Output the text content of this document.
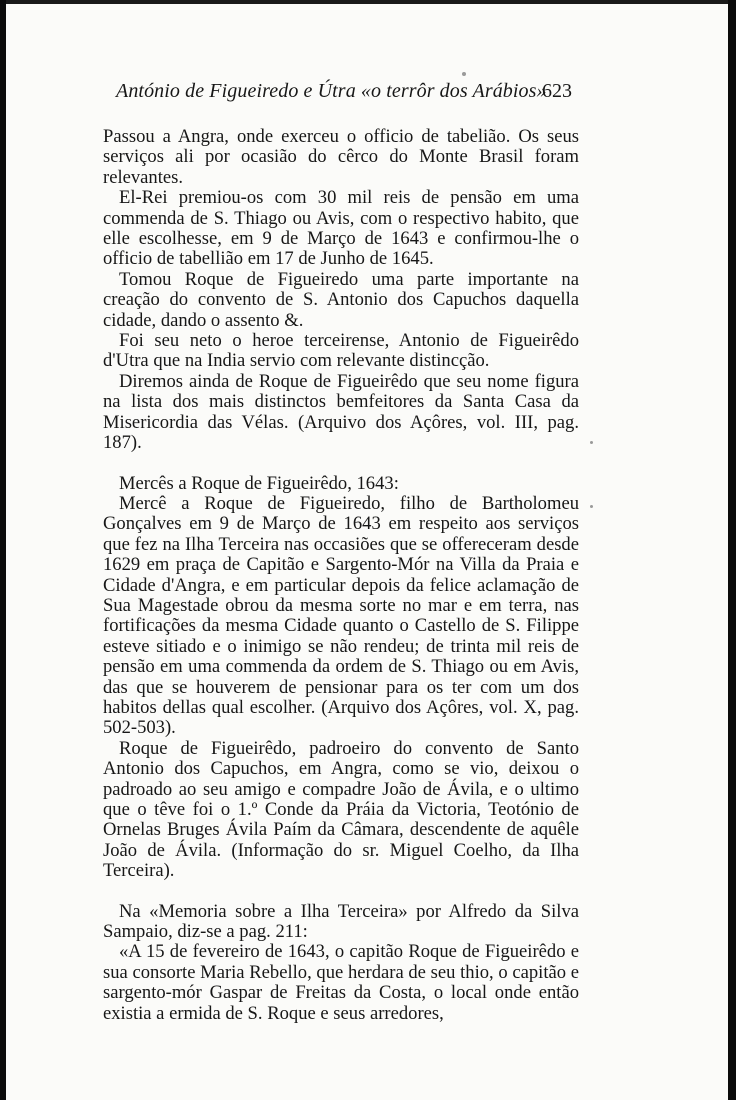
António de Figueiredo e Útra «o terrôr dos Arábios»
623

Passou a Angra, onde exerceu o officio de tabelião. Os seus serviços ali por ocasião do cêrco do Monte Brasil foram relevantes.

El-Rei premiou-os com 30 mil reis de pensão em uma commenda de S. Thiago ou Avis, com o respectivo habito, que elle escolhesse, em 9 de Março de 1643 e confirmou-lhe o officio de tabellião em 17 de Junho de 1645.

Tomou Roque de Figueiredo uma parte importante na creação do convento de S. Antonio dos Capuchos daquella cidade, dando o assento &.

Foi seu neto o heroe terceirense, Antonio de Figueirêdo d'Utra que na India servio com relevante distincção.

Diremos ainda de Roque de Figueirêdo que seu nome figura na lista dos mais distinctos bemfeitores da Santa Casa da Misericordia das Vélas. (Arquivo dos Açôres, vol. III, pag. 187).

Mercês a Roque de Figueirêdo, 1643:

Mercê a Roque de Figueiredo, filho de Bartholomeu Gonçalves em 9 de Março de 1643 em respeito aos serviços que fez na Ilha Terceira nas occasiões que se offereceram desde 1629 em praça de Capitão e Sargento-Mór na Villa da Praia e Cidade d'Angra, e em particular depois da felice aclamação de Sua Magestade obrou da mesma sorte no mar e em terra, nas fortificações da mesma Cidade quanto o Castello de S. Filippe esteve sitiado e o inimigo se não rendeu; de trinta mil reis de pensão em uma commenda da ordem de S. Thiago ou em Avis, das que se houverem de pensionar para os ter com um dos habitos dellas qual escolher. (Arquivo dos Açôres, vol. X, pag. 502-503).

Roque de Figueirêdo, padroeiro do convento de Santo Antonio dos Capuchos, em Angra, como se vio, deixou o padroado ao seu amigo e compadre João de Ávila, e o ultimo que o têve foi o 1.º Conde da Práia da Victoria, Teotónio de Ornelas Bruges Ávila Paím da Câmara, descendente de aquêle João de Ávila. (Informação do sr. Miguel Coelho, da Ilha Terceira).

Na «Memoria sobre a Ilha Terceira» por Alfredo da Silva Sampaio, diz-se a pag. 211:

«A 15 de fevereiro de 1643, o capitão Roque de Figueirêdo e sua consorte Maria Rebello, que herdara de seu thio, o capitão e sargento-mór Gaspar de Freitas da Costa, o local onde então existia a ermida de S. Roque e seus arredores,
